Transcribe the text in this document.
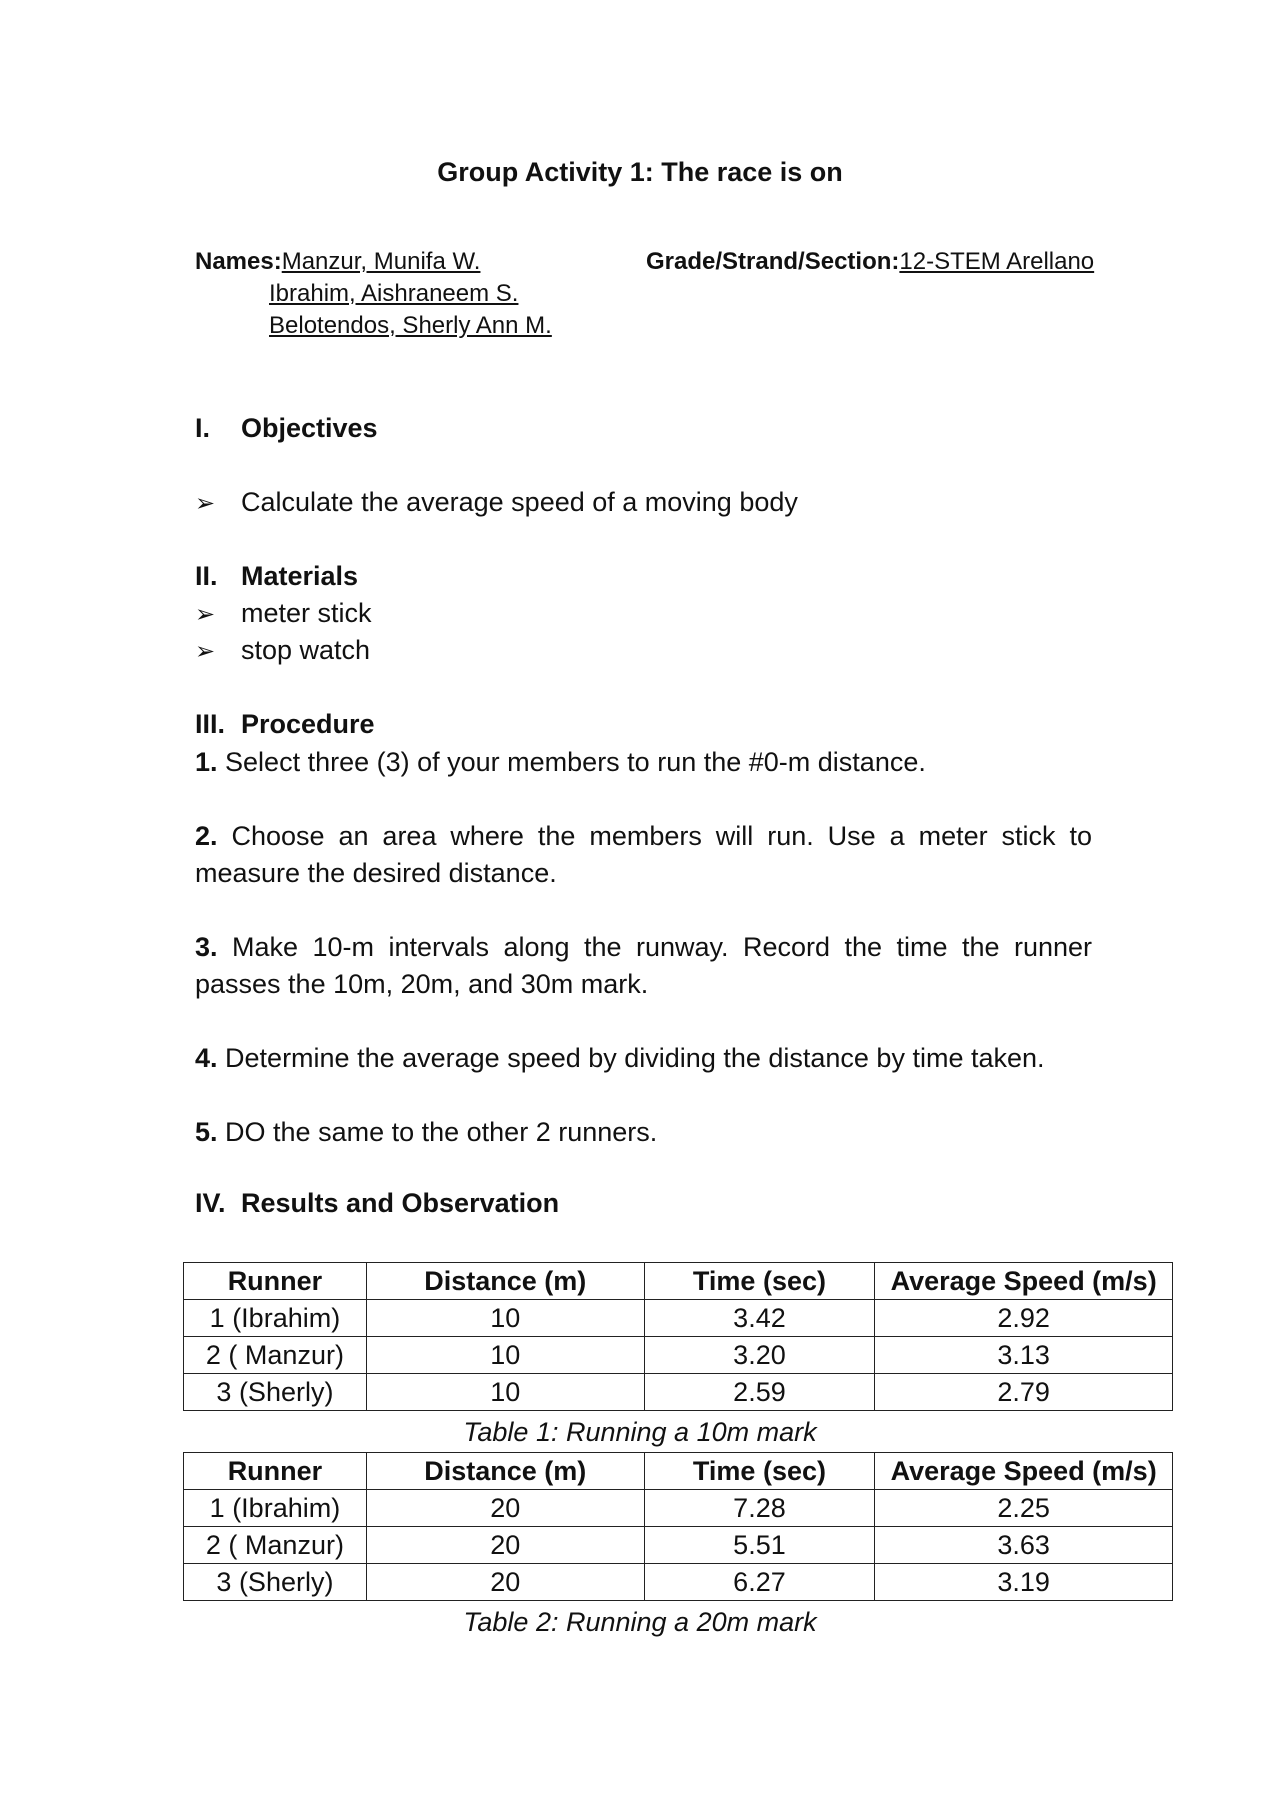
Group Activity 1: The race is on
Names:Manzur, Munifa W.
Ibrahim, Aishraneem S.
Belotendos, Sherly Ann M.
Grade/Strand/Section:12-STEM Arellano
I. Objectives
➢ Calculate the average speed of a moving body
II. Materials
➢ meter stick
➢ stop watch
III. Procedure
1. Select three (3) of your members to run the #0-m distance.
2. Choose an area where the members will run. Use a meter stick to measure the desired distance.
3. Make 10-m intervals along the runway. Record the time the runner passes the 10m, 20m, and 30m mark.
4. Determine the average speed by dividing the distance by time taken.
5. DO the same to the other 2 runners.
IV. Results and Observation
Runner	Distance (m)	Time (sec)	Average Speed (m/s)
1 (Ibrahim)	10	3.42	2.92
2 ( Manzur)	10	3.20	3.13
3 (Sherly)	10	2.59	2.79
Table 1: Running a 10m mark
Runner	Distance (m)	Time (sec)	Average Speed (m/s)
1 (Ibrahim)	20	7.28	2.25
2 ( Manzur)	20	5.51	3.63
3 (Sherly)	20	6.27	3.19
Table 2: Running a 20m mark
